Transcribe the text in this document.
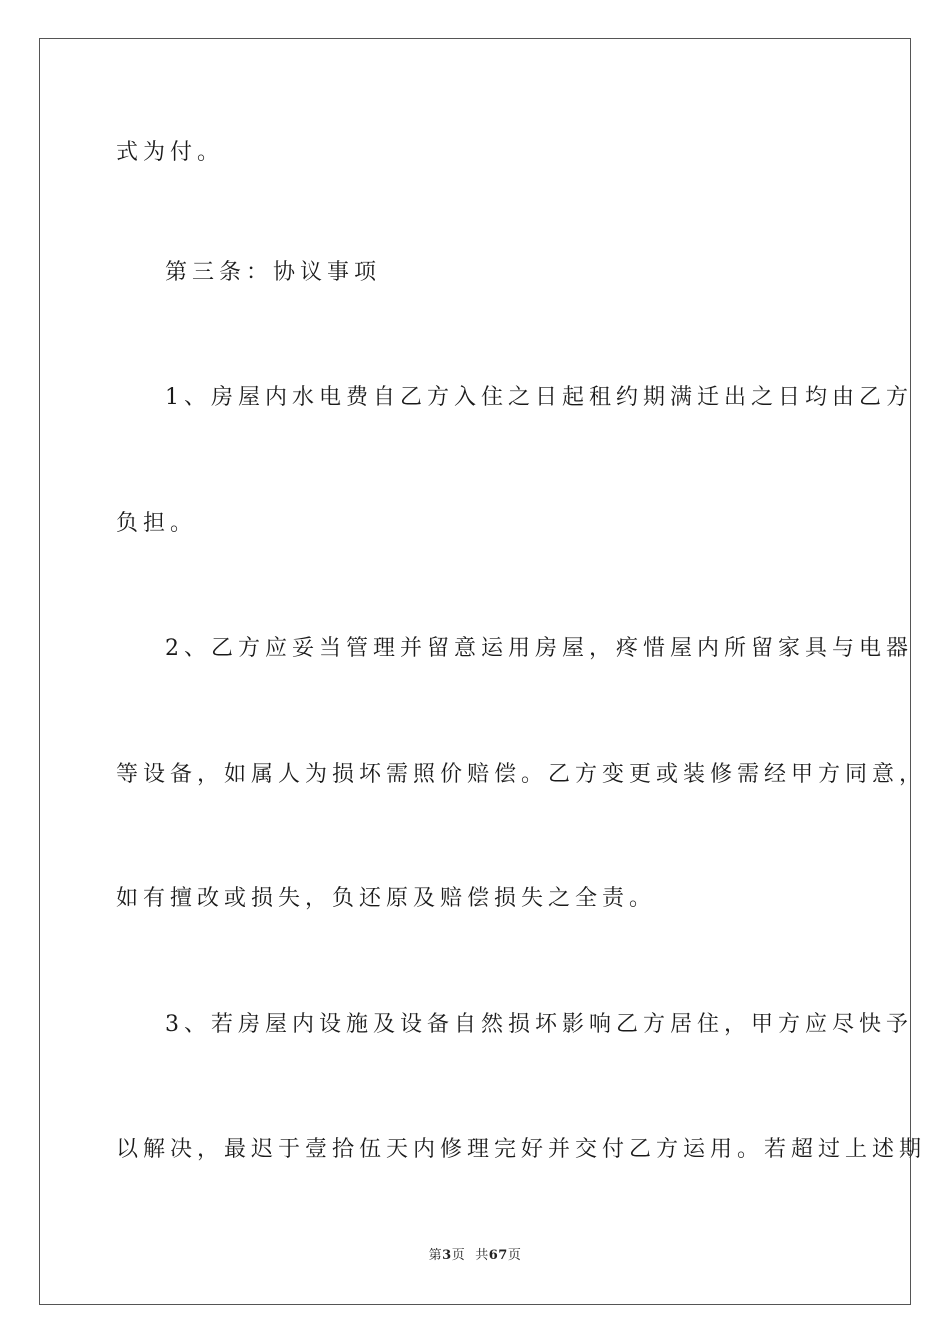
式为付。
第三条：协议事项
1、房屋内水电费自乙方入住之日起租约期满迁出之日均由乙方
负担。
2、乙方应妥当管理并留意运用房屋，疼惜屋内所留家具与电器
等设备，如属人为损坏需照价赔偿。乙方变更或装修需经甲方同意，
如有擅改或损失，负还原及赔偿损失之全责。
3、若房屋内设施及设备自然损坏影响乙方居住，甲方应尽快予
以解决，最迟于壹拾伍天内修理完好并交付乙方运用。若超过上述期
第3页 共67页
